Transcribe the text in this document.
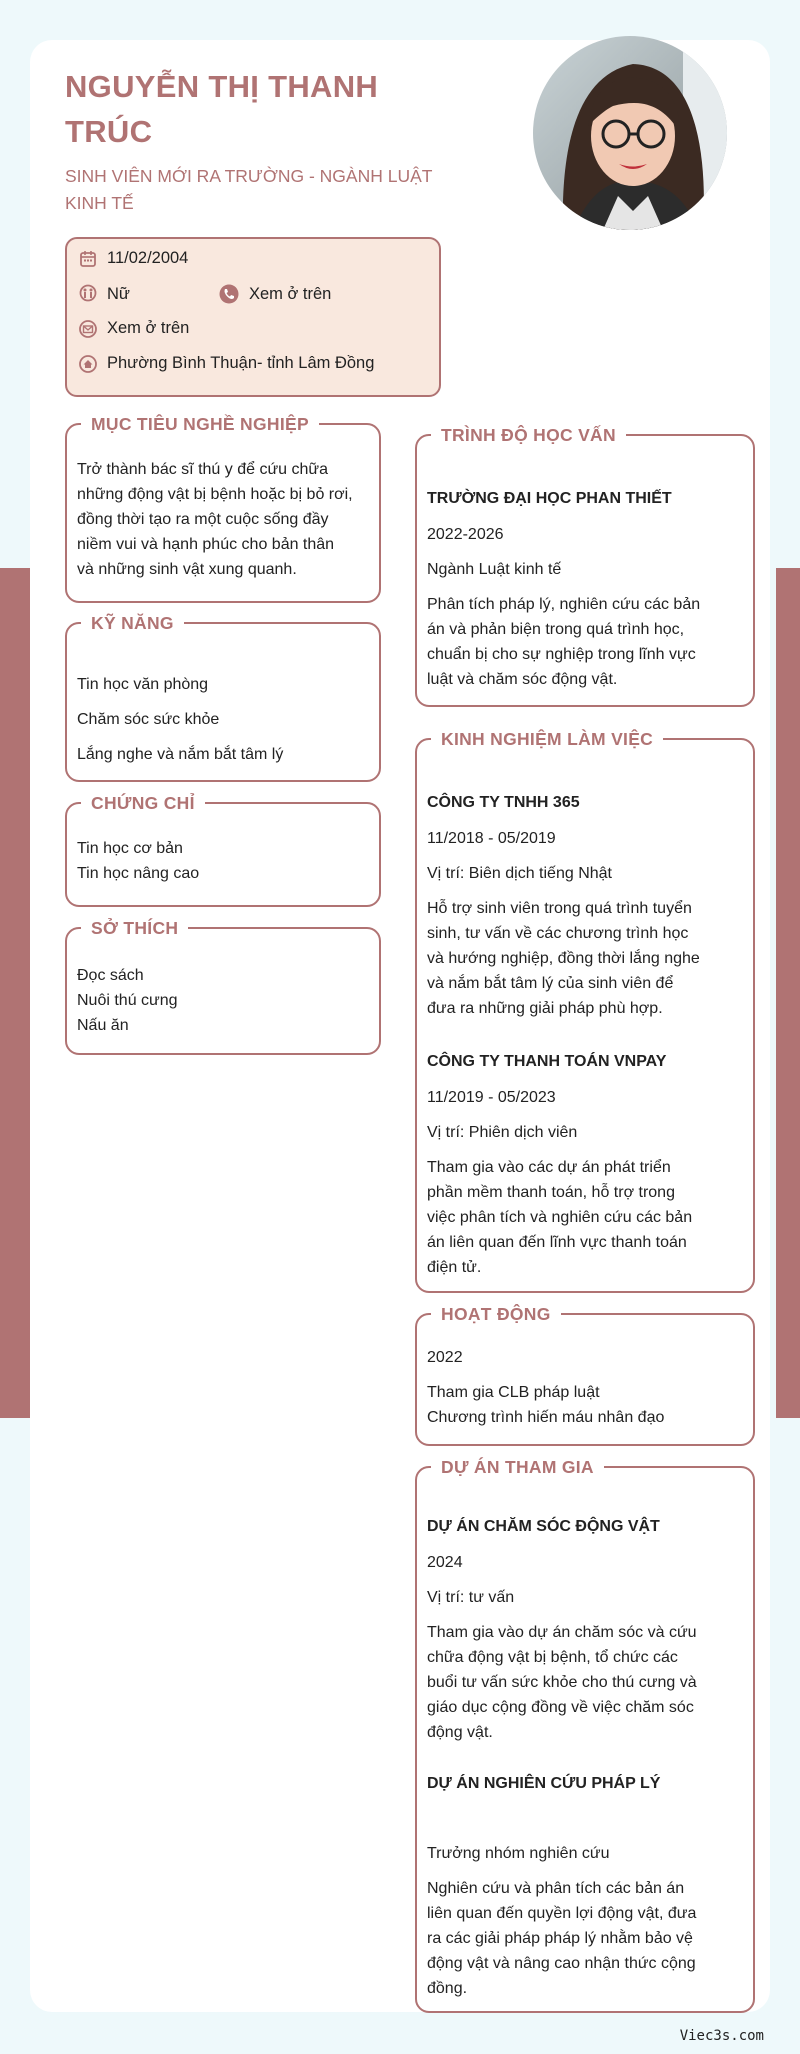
NGUYỄN THỊ THANH
TRÚC
SINH VIÊN MỚI RA TRƯỜNG - NGÀNH LUẬT
KINH TẾ
11/02/2004
Nữ	Xem ở trên
Xem ở trên
Phường Bình Thuận- tỉnh Lâm Đồng
MỤC TIÊU NGHỀ NGHIỆP
Trở thành bác sĩ thú y để cứu chữa
những động vật bị bệnh hoặc bị bỏ rơi,
đồng thời tạo ra một cuộc sống đầy
niềm vui và hạnh phúc cho bản thân
và những sinh vật xung quanh.
KỸ NĂNG
Tin học văn phòng
Chăm sóc sức khỏe
Lắng nghe và nắm bắt tâm lý
CHỨNG CHỈ
Tin học cơ bản
Tin học nâng cao
SỞ THÍCH
Đọc sách
Nuôi thú cưng
Nấu ăn
TRÌNH ĐỘ HỌC VẤN
TRƯỜNG ĐẠI HỌC PHAN THIẾT
2022-2026
Ngành Luật kinh tế
Phân tích pháp lý, nghiên cứu các bản
án và phản biện trong quá trình học,
chuẩn bị cho sự nghiệp trong lĩnh vực
luật và chăm sóc động vật.
KINH NGHIỆM LÀM VIỆC
CÔNG TY TNHH 365
11/2018 - 05/2019
Vị trí: Biên dịch tiếng Nhật
Hỗ trợ sinh viên trong quá trình tuyển
sinh, tư vấn về các chương trình học
và hướng nghiệp, đồng thời lắng nghe
và nắm bắt tâm lý của sinh viên để
đưa ra những giải pháp phù hợp.
CÔNG TY THANH TOÁN VNPAY
11/2019 - 05/2023
Vị trí: Phiên dịch viên
Tham gia vào các dự án phát triển
phần mềm thanh toán, hỗ trợ trong
việc phân tích và nghiên cứu các bản
án liên quan đến lĩnh vực thanh toán
điện tử.
HOẠT ĐỘNG
2022
Tham gia CLB pháp luật
Chương trình hiến máu nhân đạo
DỰ ÁN THAM GIA
DỰ ÁN CHĂM SÓC ĐỘNG VẬT
2024
Vị trí: tư vấn
Tham gia vào dự án chăm sóc và cứu
chữa động vật bị bệnh, tổ chức các
buổi tư vấn sức khỏe cho thú cưng và
giáo dục cộng đồng về việc chăm sóc
động vật.
DỰ ÁN NGHIÊN CỨU PHÁP LÝ
Trưởng nhóm nghiên cứu
Nghiên cứu và phân tích các bản án
liên quan đến quyền lợi động vật, đưa
ra các giải pháp pháp lý nhằm bảo vệ
động vật và nâng cao nhận thức cộng
đồng.
Viec3s.com
